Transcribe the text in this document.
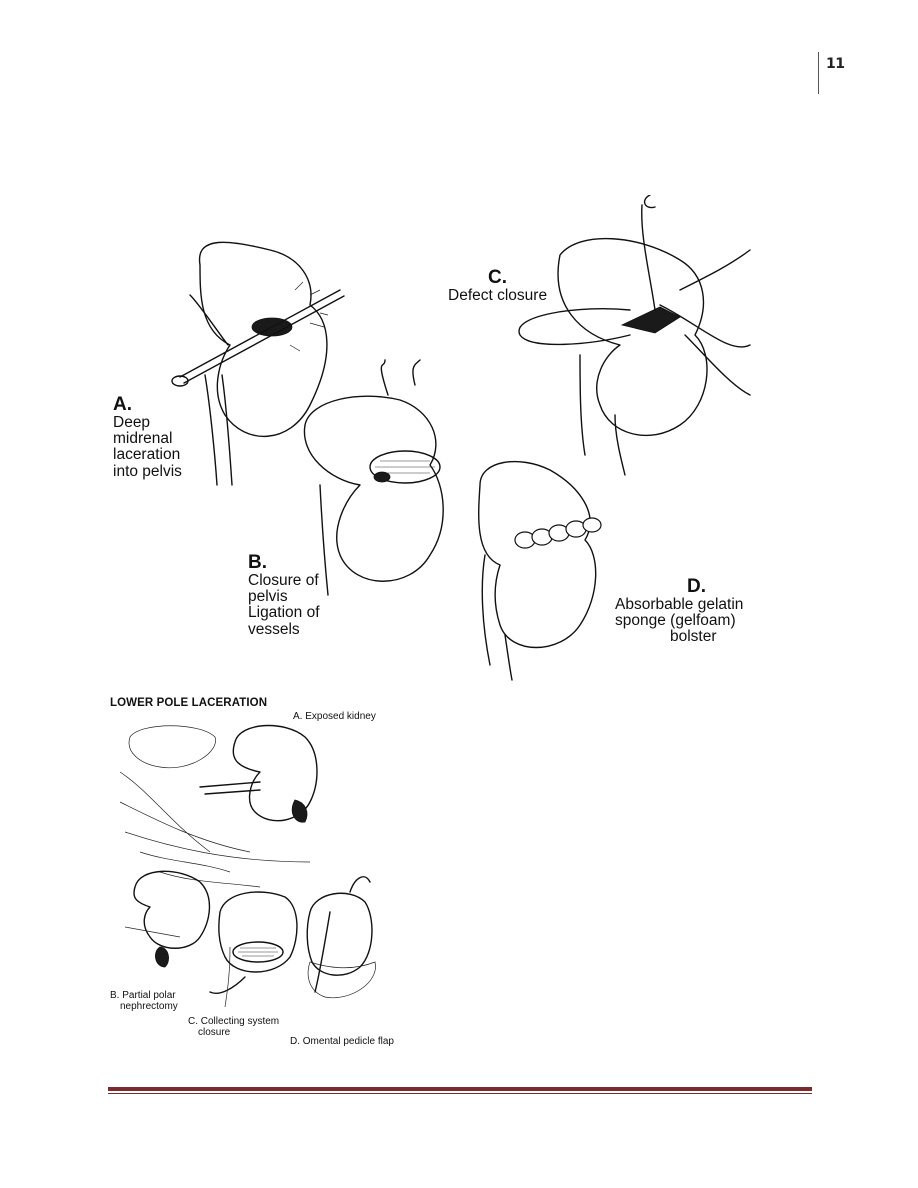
11
A.
Deep
midrenal
laceration
into pelvis
B.
Closure of
pelvis
Ligation of
vessels
C.
Defect closure
D.
Absorbable gelatin
sponge (gelfoam)
bolster
LOWER POLE LACERATION
A. Exposed kidney
B. Partial polar
nephrectomy
C. Collecting system
closure
D. Omental pedicle flap
